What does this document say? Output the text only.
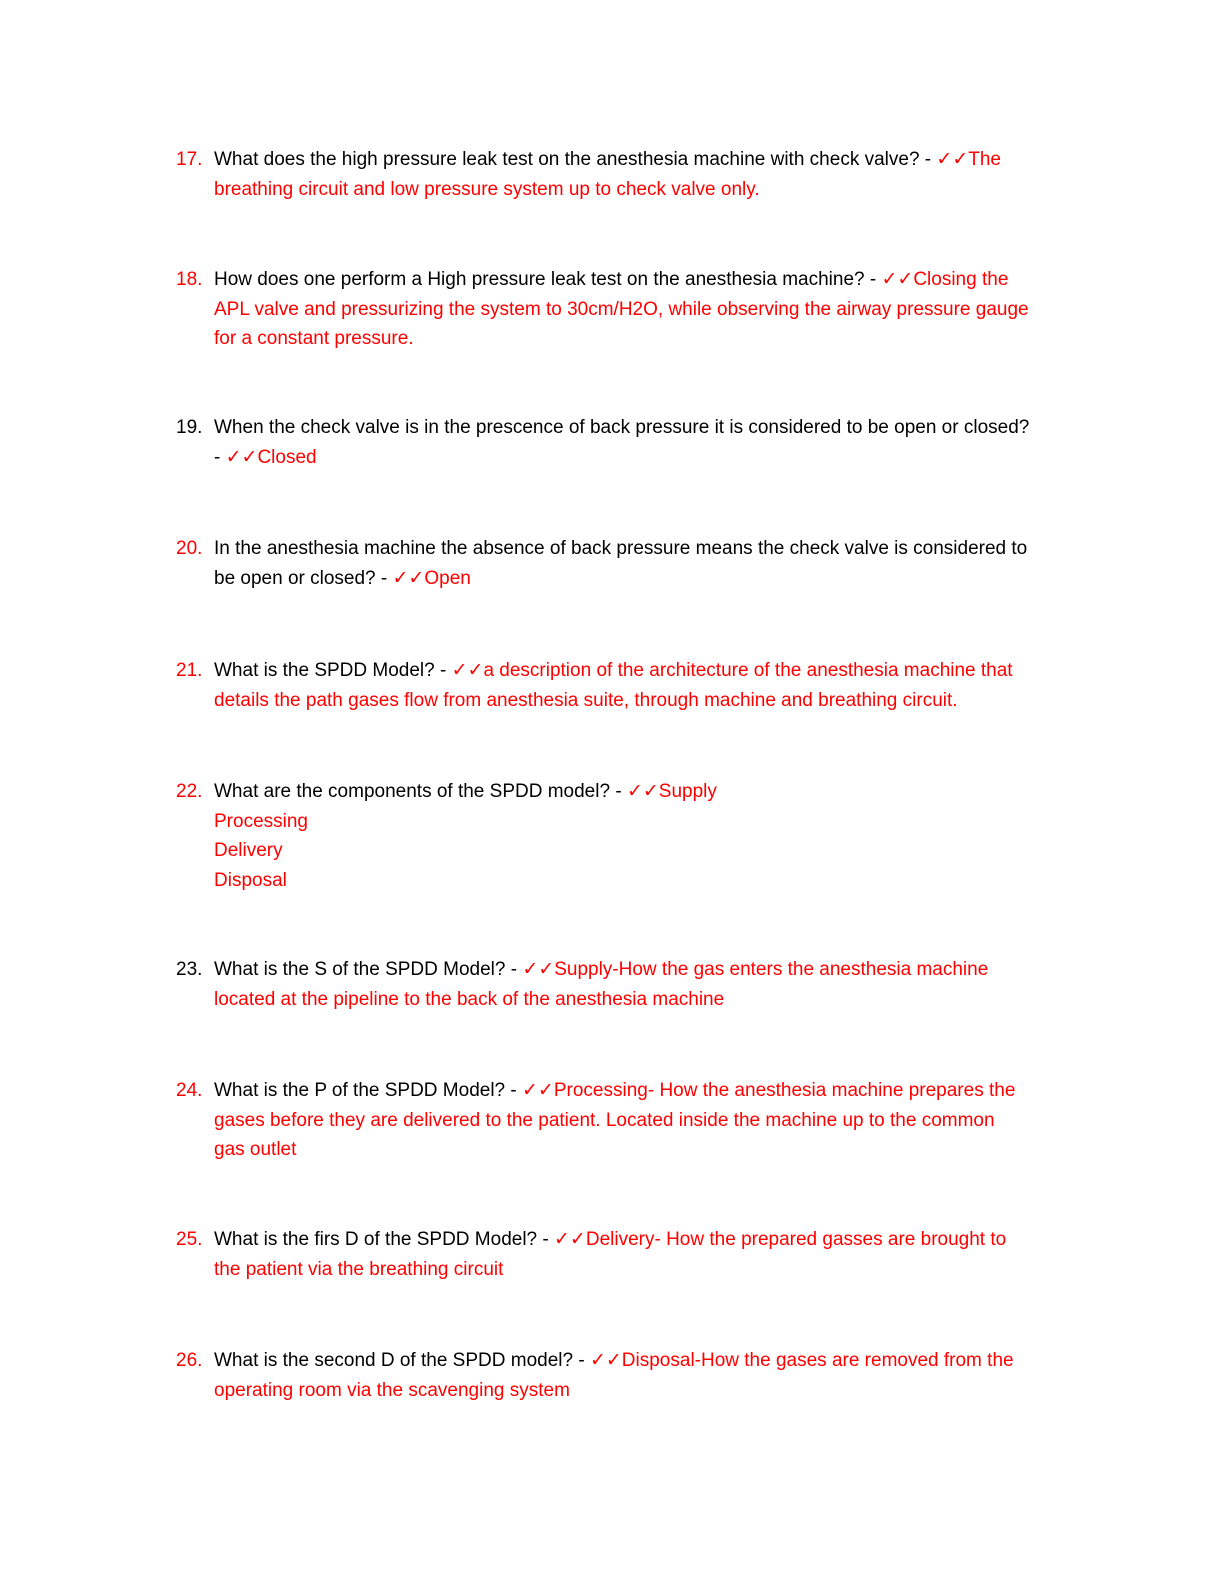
17. What does the high pressure leak test on the anesthesia machine with check valve? - ✓✓The
breathing circuit and low pressure system up to check valve only.
18. How does one perform a High pressure leak test on the anesthesia machine? - ✓✓Closing the
APL valve and pressurizing the system to 30cm/H2O, while observing the airway pressure gauge
for a constant pressure.
19. When the check valve is in the prescence of back pressure it is considered to be open or closed?
- ✓✓Closed
20. In the anesthesia machine the absence of back pressure means the check valve is considered to
be open or closed? - ✓✓Open
21. What is the SPDD Model? - ✓✓a description of the architecture of the anesthesia machine that
details the path gases flow from anesthesia suite, through machine and breathing circuit.
22. What are the components of the SPDD model? - ✓✓Supply
Processing
Delivery
Disposal
23. What is the S of the SPDD Model? - ✓✓Supply-How the gas enters the anesthesia machine
located at the pipeline to the back of the anesthesia machine
24. What is the P of the SPDD Model? - ✓✓Processing- How the anesthesia machine prepares the
gases before they are delivered to the patient. Located inside the machine up to the common
gas outlet
25. What is the firs D of the SPDD Model? - ✓✓Delivery- How the prepared gasses are brought to
the patient via the breathing circuit
26. What is the second D of the SPDD model? - ✓✓Disposal-How the gases are removed from the
operating room via the scavenging system
